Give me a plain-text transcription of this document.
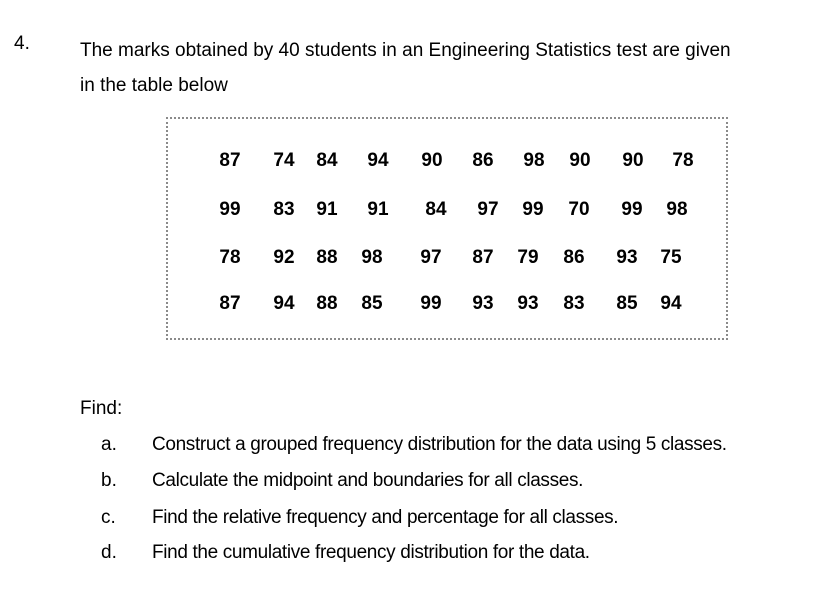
4.	The marks obtained by 40 students in an Engineering Statistics test are given
in the table below
87	74	84	94	90	86	98	90	90	78
99	83	91	91	84	97	99	70	99	98
78	92	88	98	97	87	79	86	93	75
87	94	88	85	99	93	93	83	85	94
Find:
a. Construct a grouped frequency distribution for the data using 5 classes.
b. Calculate the midpoint and boundaries for all classes.
c. Find the relative frequency and percentage for all classes.
d. Find the cumulative frequency distribution for the data.
